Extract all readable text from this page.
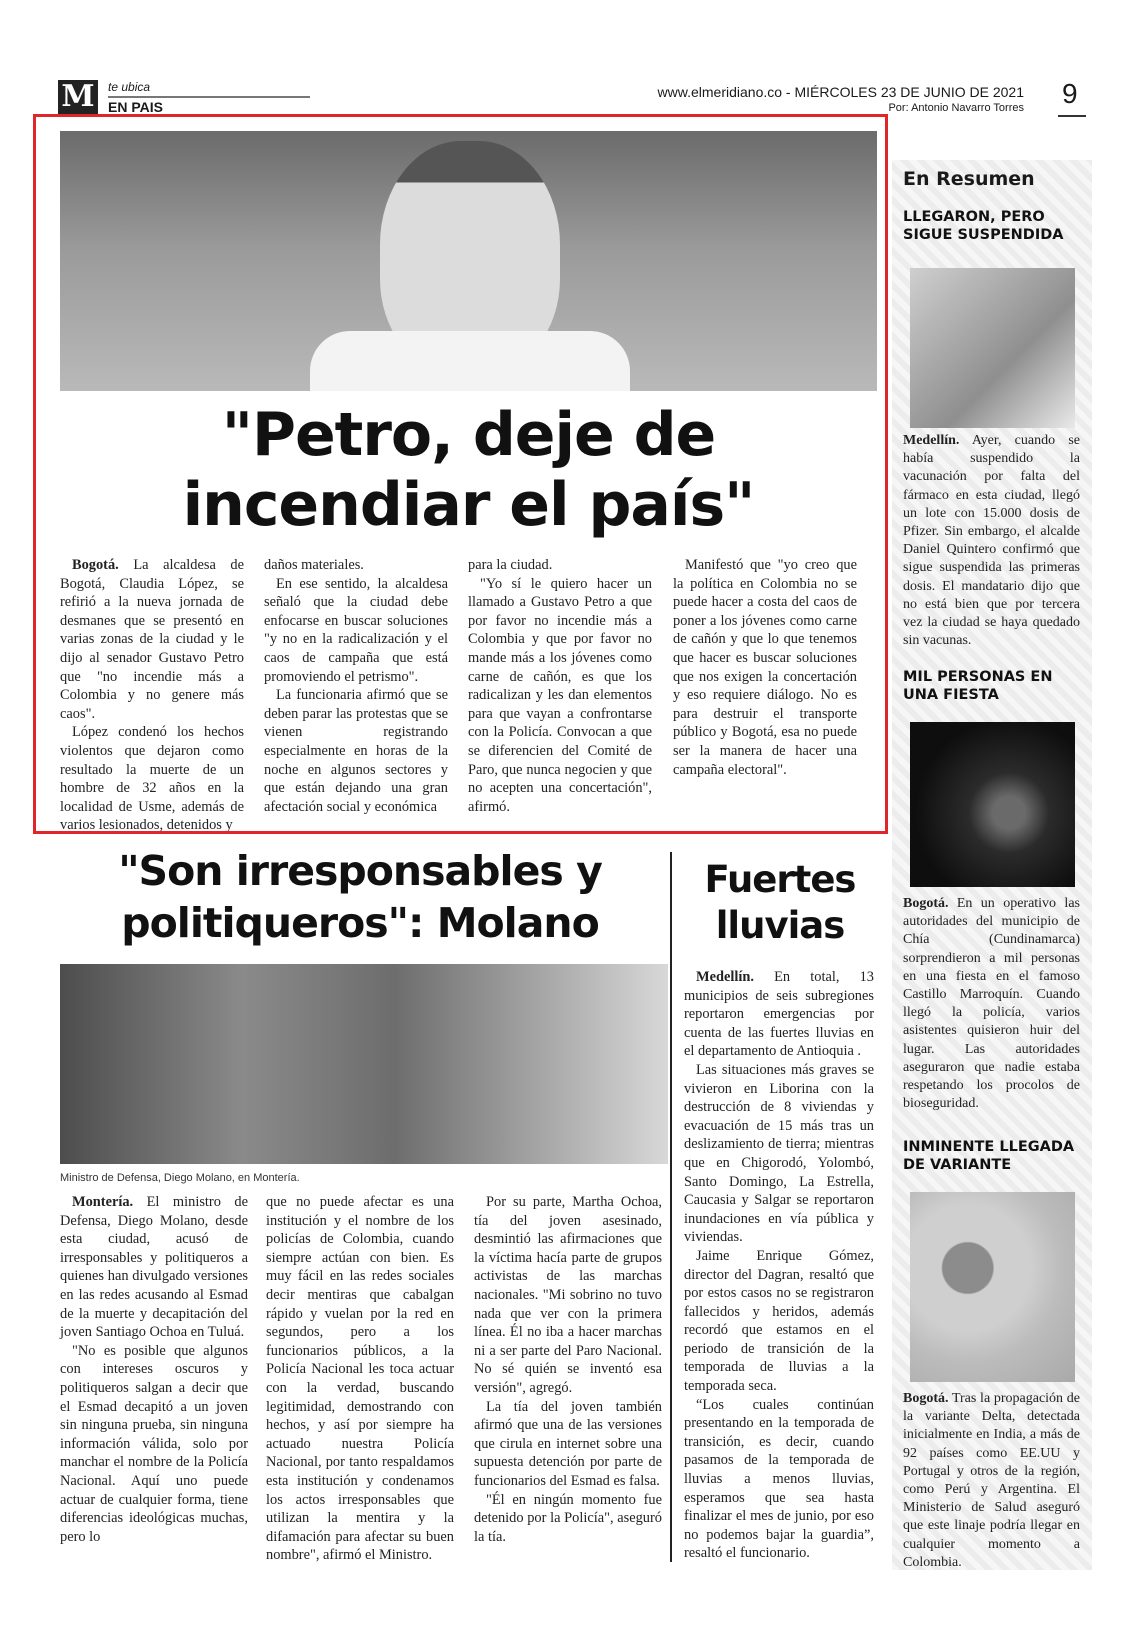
M te ubica
EN PAIS
www.elmeridiano.co - MIÉRCOLES 23 DE JUNIO DE 2021
Por: Antonio Navarro Torres 9
"Petro, deje de incendiar el país"

Bogotá. La alcaldesa de Bogotá, Claudia López, se refirió a la nueva jornada de desmanes que se presentó en varias zonas de la ciudad y le dijo al senador Gustavo Petro que "no incendie más a Colombia y no genere más caos".

López condenó los hechos violentos que dejaron como resultado la muerte de un hombre de 32 años en la localidad de Usme, además de varios lesionados, detenidos y

daños materiales.

En ese sentido, la alcaldesa señaló que la ciudad debe enfocarse en buscar soluciones "y no en la radicalización y el caos de campaña que está promoviendo el petrismo".

La funcionaria afirmó que se deben parar las protestas que se vienen registrando especialmente en horas de la noche en algunos sectores y que están dejando una gran afectación social y económica

para la ciudad.

"Yo sí le quiero hacer un llamado a Gustavo Petro a que por favor no incendie más a Colombia y que por favor no mande más a los jóvenes como carne de cañón, es que los radicalizan y les dan elementos para que vayan a confrontarse con la Policía. Convocan a que se diferencien del Comité de Paro, que nunca negocien y que no acepten una concertación", afirmó.

Manifestó que "yo creo que la política en Colombia no se puede hacer a costa del caos de poner a los jóvenes como carne de cañón y que lo que tenemos que hacer es buscar soluciones que nos exigen la concertación y eso requiere diálogo. No es para destruir el transporte público y Bogotá, esa no puede ser la manera de hacer una campaña electoral".

"Son irresponsables y politiqueros": Molano
Ministro de Defensa, Diego Molano, en Montería.

Montería. El ministro de Defensa, Diego Molano, desde esta ciudad, acusó de irresponsables y politiqueros a quienes han divulgado versiones en las redes acusando al Esmad de la muerte y decapitación del joven Santiago Ochoa en Tuluá.

"No es posible que algunos con intereses oscuros y politiqueros salgan a decir que el Esmad decapitó a un joven sin ninguna prueba, sin ninguna información válida, solo por manchar el nombre de la Policía Nacional. Aquí uno puede actuar de cualquier forma, tiene diferencias ideológicas muchas, pero lo

que no puede afectar es una institución y el nombre de los policías de Colombia, cuando siempre actúan con bien. Es muy fácil en las redes sociales decir mentiras que cabalgan rápido y vuelan por la red en segundos, pero a los funcionarios públicos, a la Policía Nacional les toca actuar con la verdad, buscando legitimidad, demostrando con hechos, y así por siempre ha actuado nuestra Policía Nacional, por tanto respaldamos esta institución y condenamos los actos irresponsables que utilizan la mentira y la difamación para afectar su buen nombre", afirmó el Ministro.

Por su parte, Martha Ochoa, tía del joven asesinado, desmintió las afirmaciones que la víctima hacía parte de grupos activistas de las marchas nacionales. "Mi sobrino no tuvo nada que ver con la primera línea. Él no iba a hacer marchas ni a ser parte del Paro Nacional. No sé quién se inventó esa versión", agregó.

La tía del joven también afirmó que una de las versiones que cirula en internet sobre una supuesta detención por parte de funcionarios del Esmad es falsa.

"Él en ningún momento fue detenido por la Policía", aseguró la tía.

Fuertes lluvias

Medellín. En total, 13 municipios de seis subregiones reportaron emergencias por cuenta de las fuertes lluvias en el departamento de Antioquia .

Las situaciones más graves se vivieron en Liborina con la destrucción de 8 viviendas y evacuación de 15 más tras un deslizamiento de tierra; mientras que en Chigorodó, Yolombó, Santo Domingo, La Estrella, Caucasia y Salgar se reportaron inundaciones en vía pública y viviendas.

Jaime Enrique Gómez, director del Dagran, resaltó que por estos casos no se registraron fallecidos y heridos, además recordó que estamos en el periodo de transición de la temporada de lluvias a la temporada seca.

“Los cuales continúan presentando en la temporada de transición, es decir, cuando pasamos de la temporada de lluvias a menos lluvias, esperamos que sea hasta finalizar el mes de junio, por eso no podemos bajar la guardia”, resaltó el funcionario.

En Resumen
LLEGARON, PERO SIGUE SUSPENDIDA

Medellín. Ayer, cuando se había suspendido la vacunación por falta del fármaco en esta ciudad, llegó un lote con 15.000 dosis de Pfizer. Sin embargo, el alcalde Daniel Quintero confirmó que sigue suspendida las primeras dosis. El mandatario dijo que no está bien que por tercera vez la ciudad se haya quedado sin vacunas.

MIL PERSONAS EN UNA FIESTA

Bogotá. En un operativo las autoridades del municipio de Chía (Cundinamarca) sorprendieron a mil personas en una fiesta en el famoso Castillo Marroquín. Cuando llegó la policía, varios asistentes quisieron huir del lugar. Las autoridades aseguraron que nadie estaba respetando los procolos de bioseguridad.

INMINENTE LLEGADA DE VARIANTE

Bogotá. Tras la propagación de la variante Delta, detectada inicialmente en India, a más de 92 países como EE.UU y Portugal y otros de la región, como Perú y Argentina. El Ministerio de Salud aseguró que este linaje podría llegar en cualquier momento a Colombia.
